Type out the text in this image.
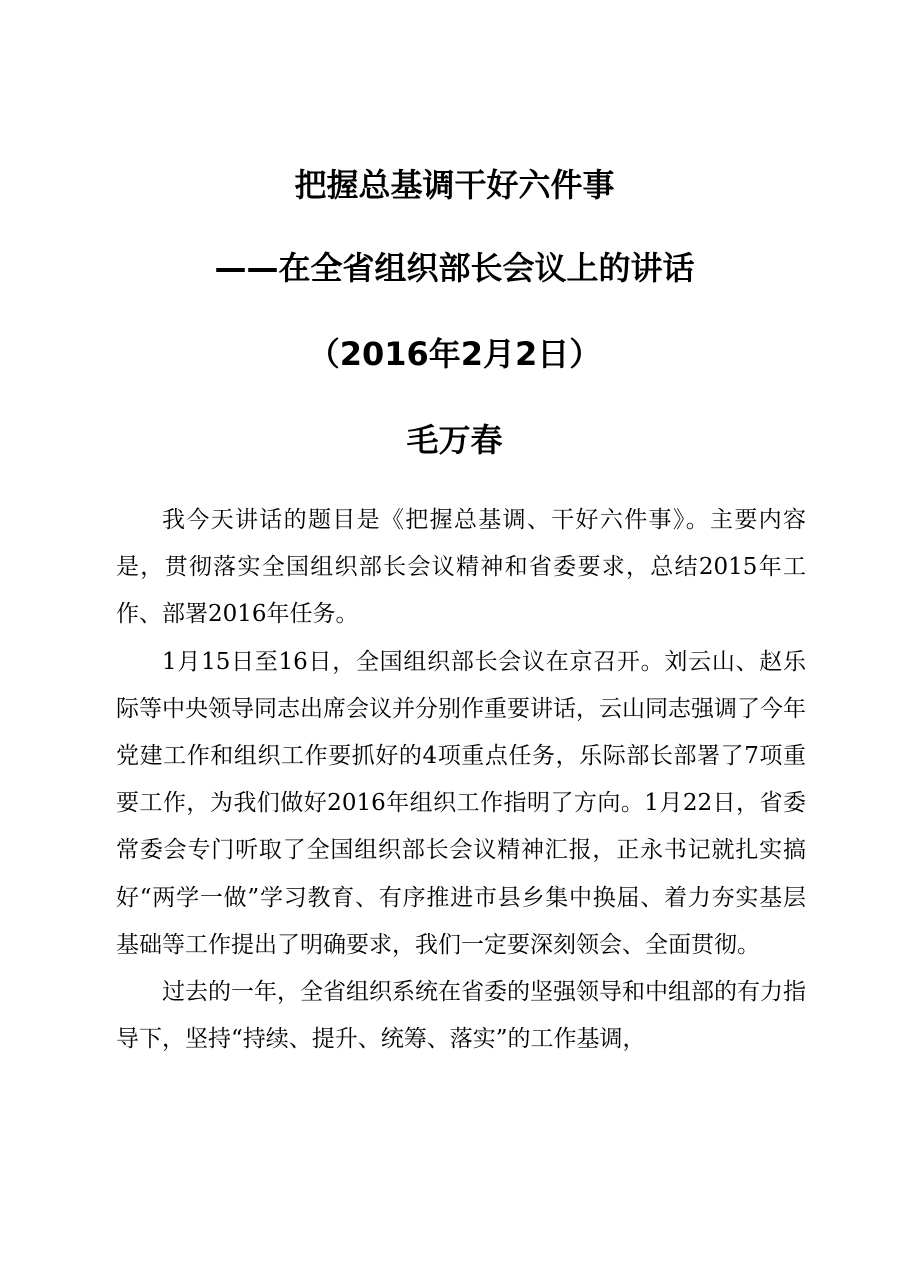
把握总基调干好六件事
——在全省组织部长会议上的讲话
（2016年2月2日）
毛万春

我今天讲话的题目是《把握总基调、干好六件事》。主要内容是，贯彻落实全国组织部长会议精神和省委要求，总结2015年工作、部署2016年任务。

1月15日至16日，全国组织部长会议在京召开。刘云山、赵乐际等中央领导同志出席会议并分别作重要讲话，云山同志强调了今年党建工作和组织工作要抓好的4项重点任务，乐际部长部署了7项重要工作，为我们做好2016年组织工作指明了方向。1月22日，省委常委会专门听取了全国组织部长会议精神汇报，正永书记就扎实搞好“两学一做”学习教育、有序推进市县乡集中换届、着力夯实基层基础等工作提出了明确要求，我们一定要深刻领会、全面贯彻。

过去的一年，全省组织系统在省委的坚强领导和中组部的有力指导下，坚持“持续、提升、统筹、落实”的工作基调，
